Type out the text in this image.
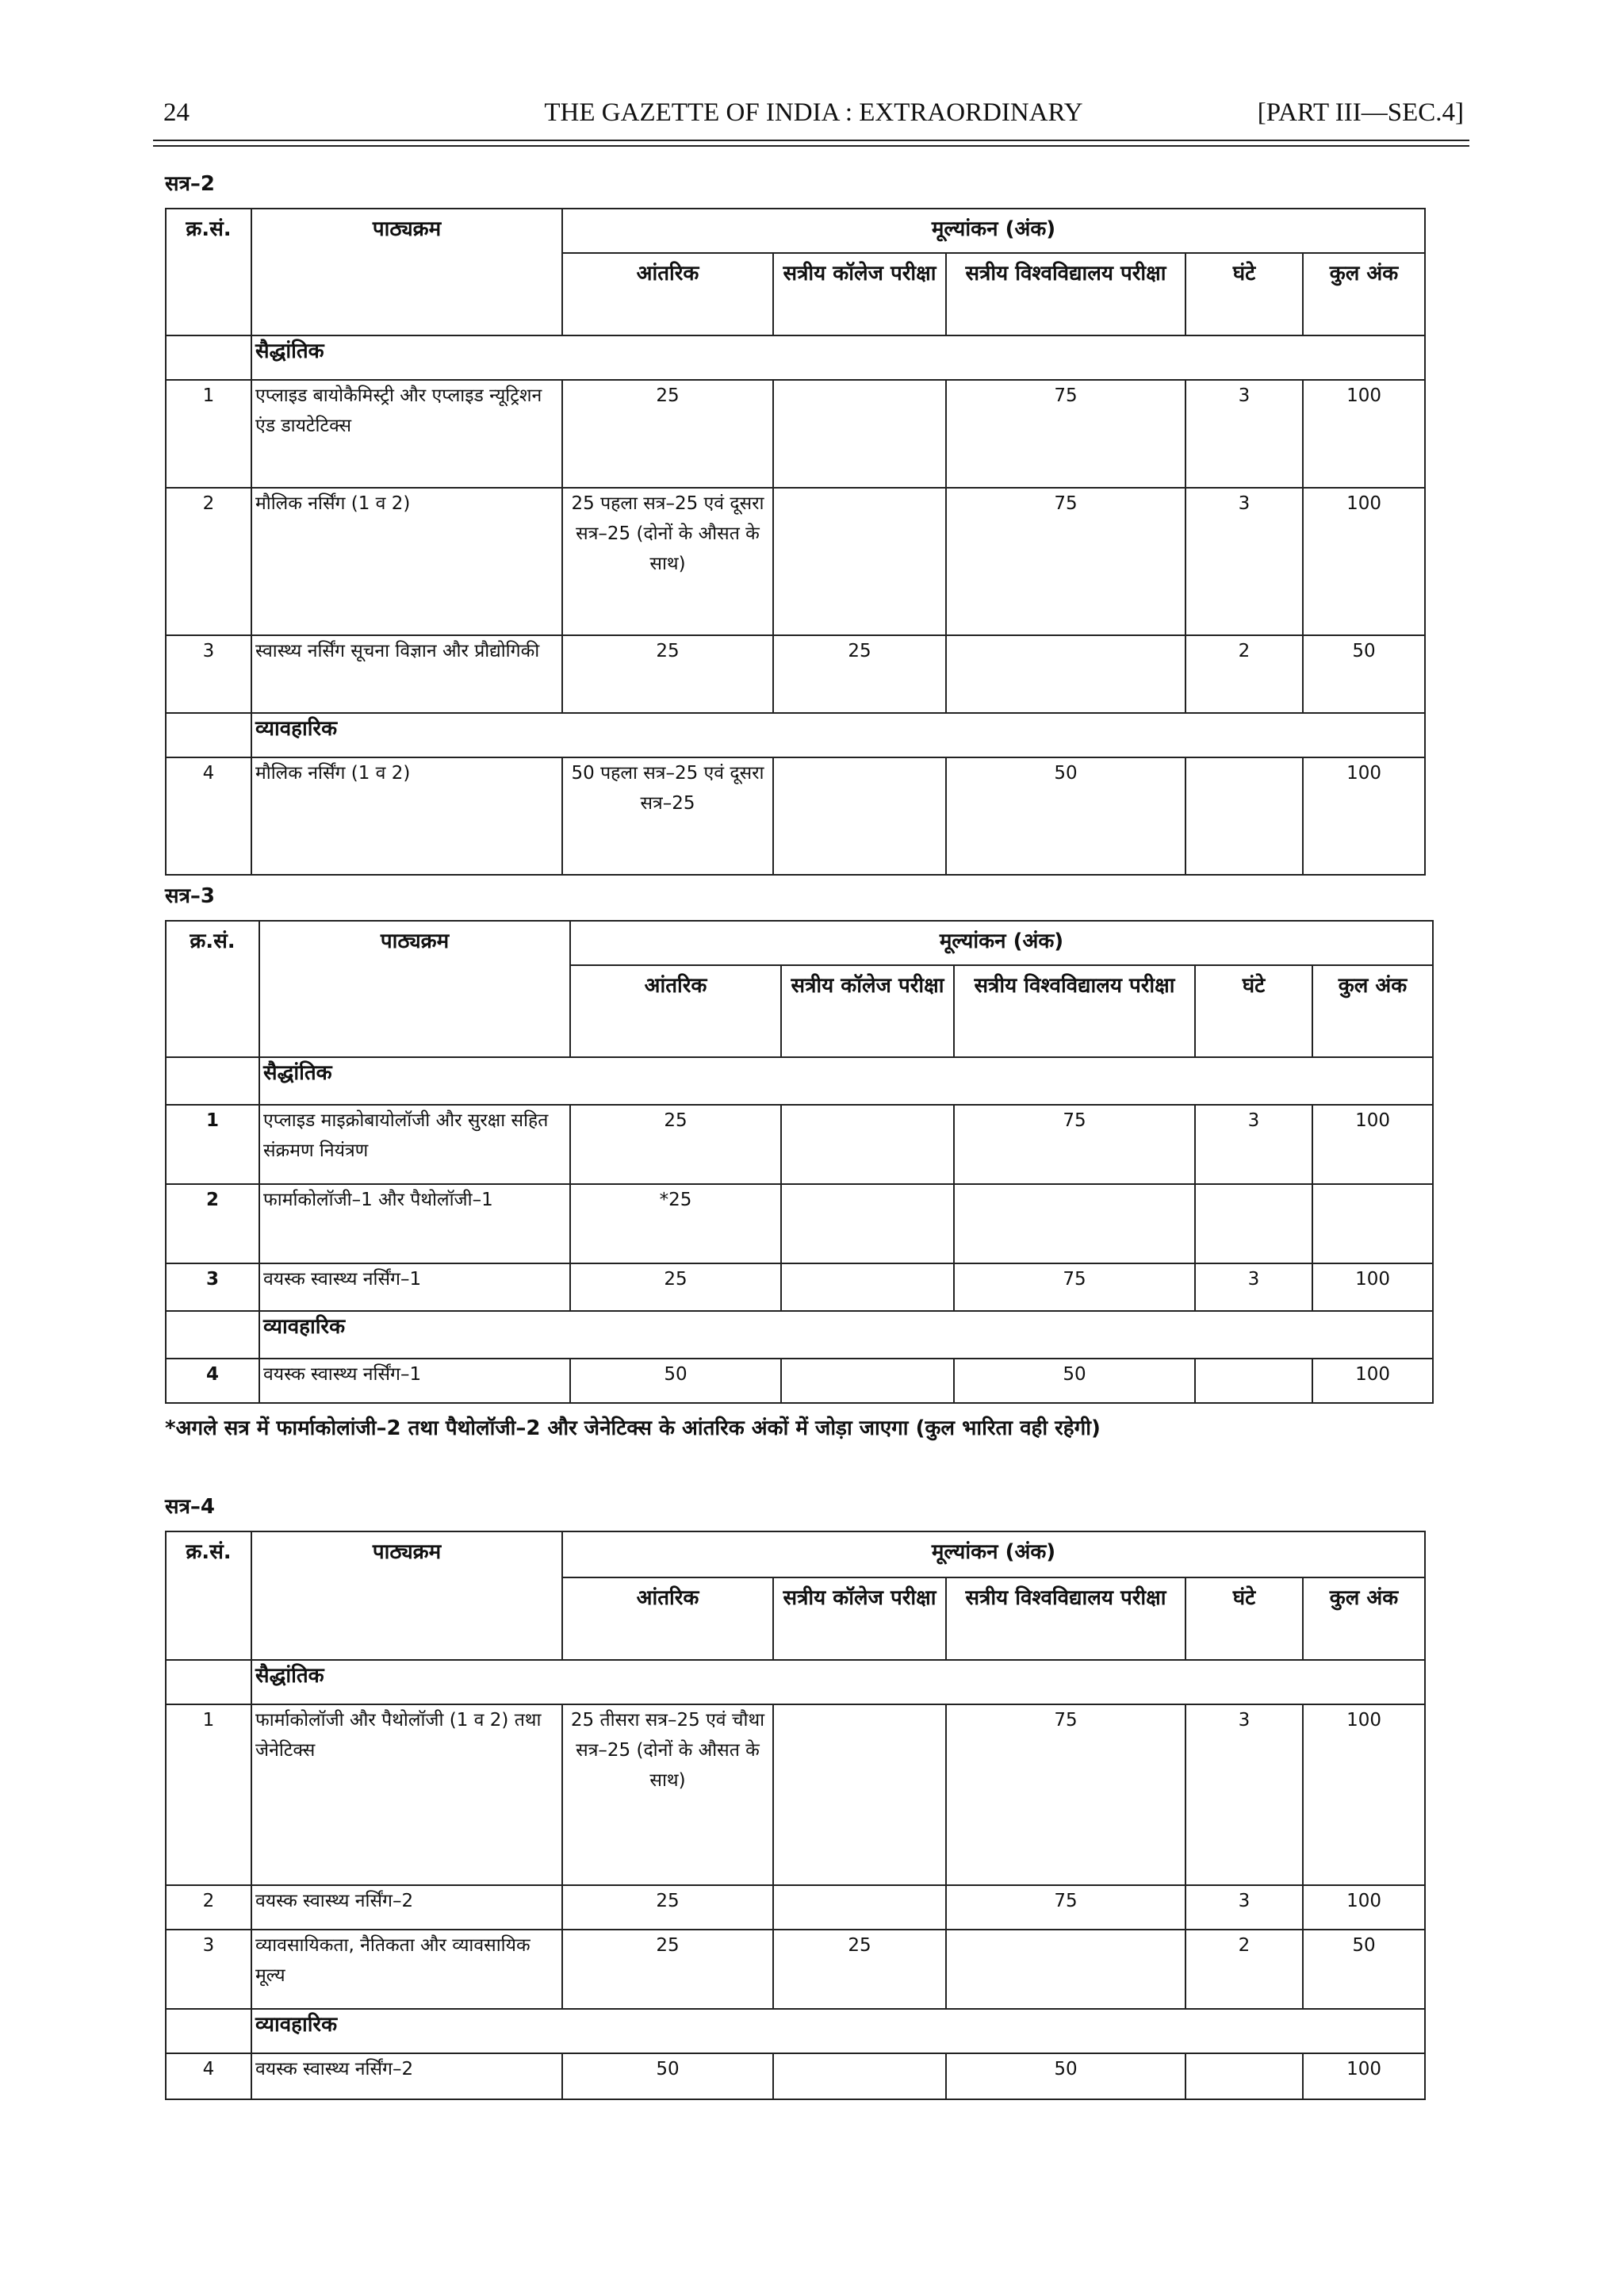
24	THE GAZETTE OF INDIA : EXTRAORDINARY	[PART III—SEC.4]
सत्र–2
क्र.सं.	पाठ्यक्रम	मूल्यांकन (अंक)				
		आंतरिक	सत्रीय कॉलेज परीक्षा	सत्रीय विश्वविद्यालय परीक्षा	घंटे	कुल अंक
	सैद्धांतिक					
1	एप्लाइड बायोकैमिस्ट्री और एप्लाइड न्यूट्रिशन एंड डायटेटिक्स	25		75	3	100
2	मौलिक नर्सिंग (1 व 2)	25 पहला सत्र–25 एवं दूसरा सत्र–25 (दोनों के औसत के साथ)		75	3	100
3	स्वास्थ्य नर्सिंग सूचना विज्ञान और प्रौद्योगिकी	25	25		2	50
	व्यावहारिक					
4	मौलिक नर्सिंग (1 व 2)	50 पहला सत्र–25 एवं दूसरा सत्र–25		50		100
सत्र–3
क्र.सं.	पाठ्यक्रम	मूल्यांकन (अंक)				
		आंतरिक	सत्रीय कॉलेज परीक्षा	सत्रीय विश्वविद्यालय परीक्षा	घंटे	कुल अंक
	सैद्धांतिक					
1	एप्लाइड माइक्रोबायोलॉजी और सुरक्षा सहित संक्रमण नियंत्रण	25		75	3	100
2	फार्माकोलॉजी–1 और पैथोलॉजी–1	*25				
3	वयस्क स्वास्थ्य नर्सिंग–1	25		75	3	100
	व्यावहारिक					
4	वयस्क स्वास्थ्य नर्सिंग–1	50		50		100
*अगले सत्र में फार्माकोलांजी–2 तथा पैथोलॉजी–2 और जेनेटिक्स के आंतरिक अंकों में जोड़ा जाएगा (कुल भारिता वही रहेगी)
सत्र–4
क्र.सं.	पाठ्यक्रम	मूल्यांकन (अंक)				
		आंतरिक	सत्रीय कॉलेज परीक्षा	सत्रीय विश्वविद्यालय परीक्षा	घंटे	कुल अंक
	सैद्धांतिक					
1	फार्माकोलॉजी और पैथोलॉजी (1 व 2) तथा जेनेटिक्स	25 तीसरा सत्र–25 एवं चौथा सत्र–25 (दोनों के औसत के साथ)		75	3	100
2	वयस्क स्वास्थ्य नर्सिंग–2	25		75	3	100
3	व्यावसायिकता, नैतिकता और व्यावसायिक मूल्य	25	25		2	50
	व्यावहारिक					
4	वयस्क स्वास्थ्य नर्सिंग–2	50		50		100
